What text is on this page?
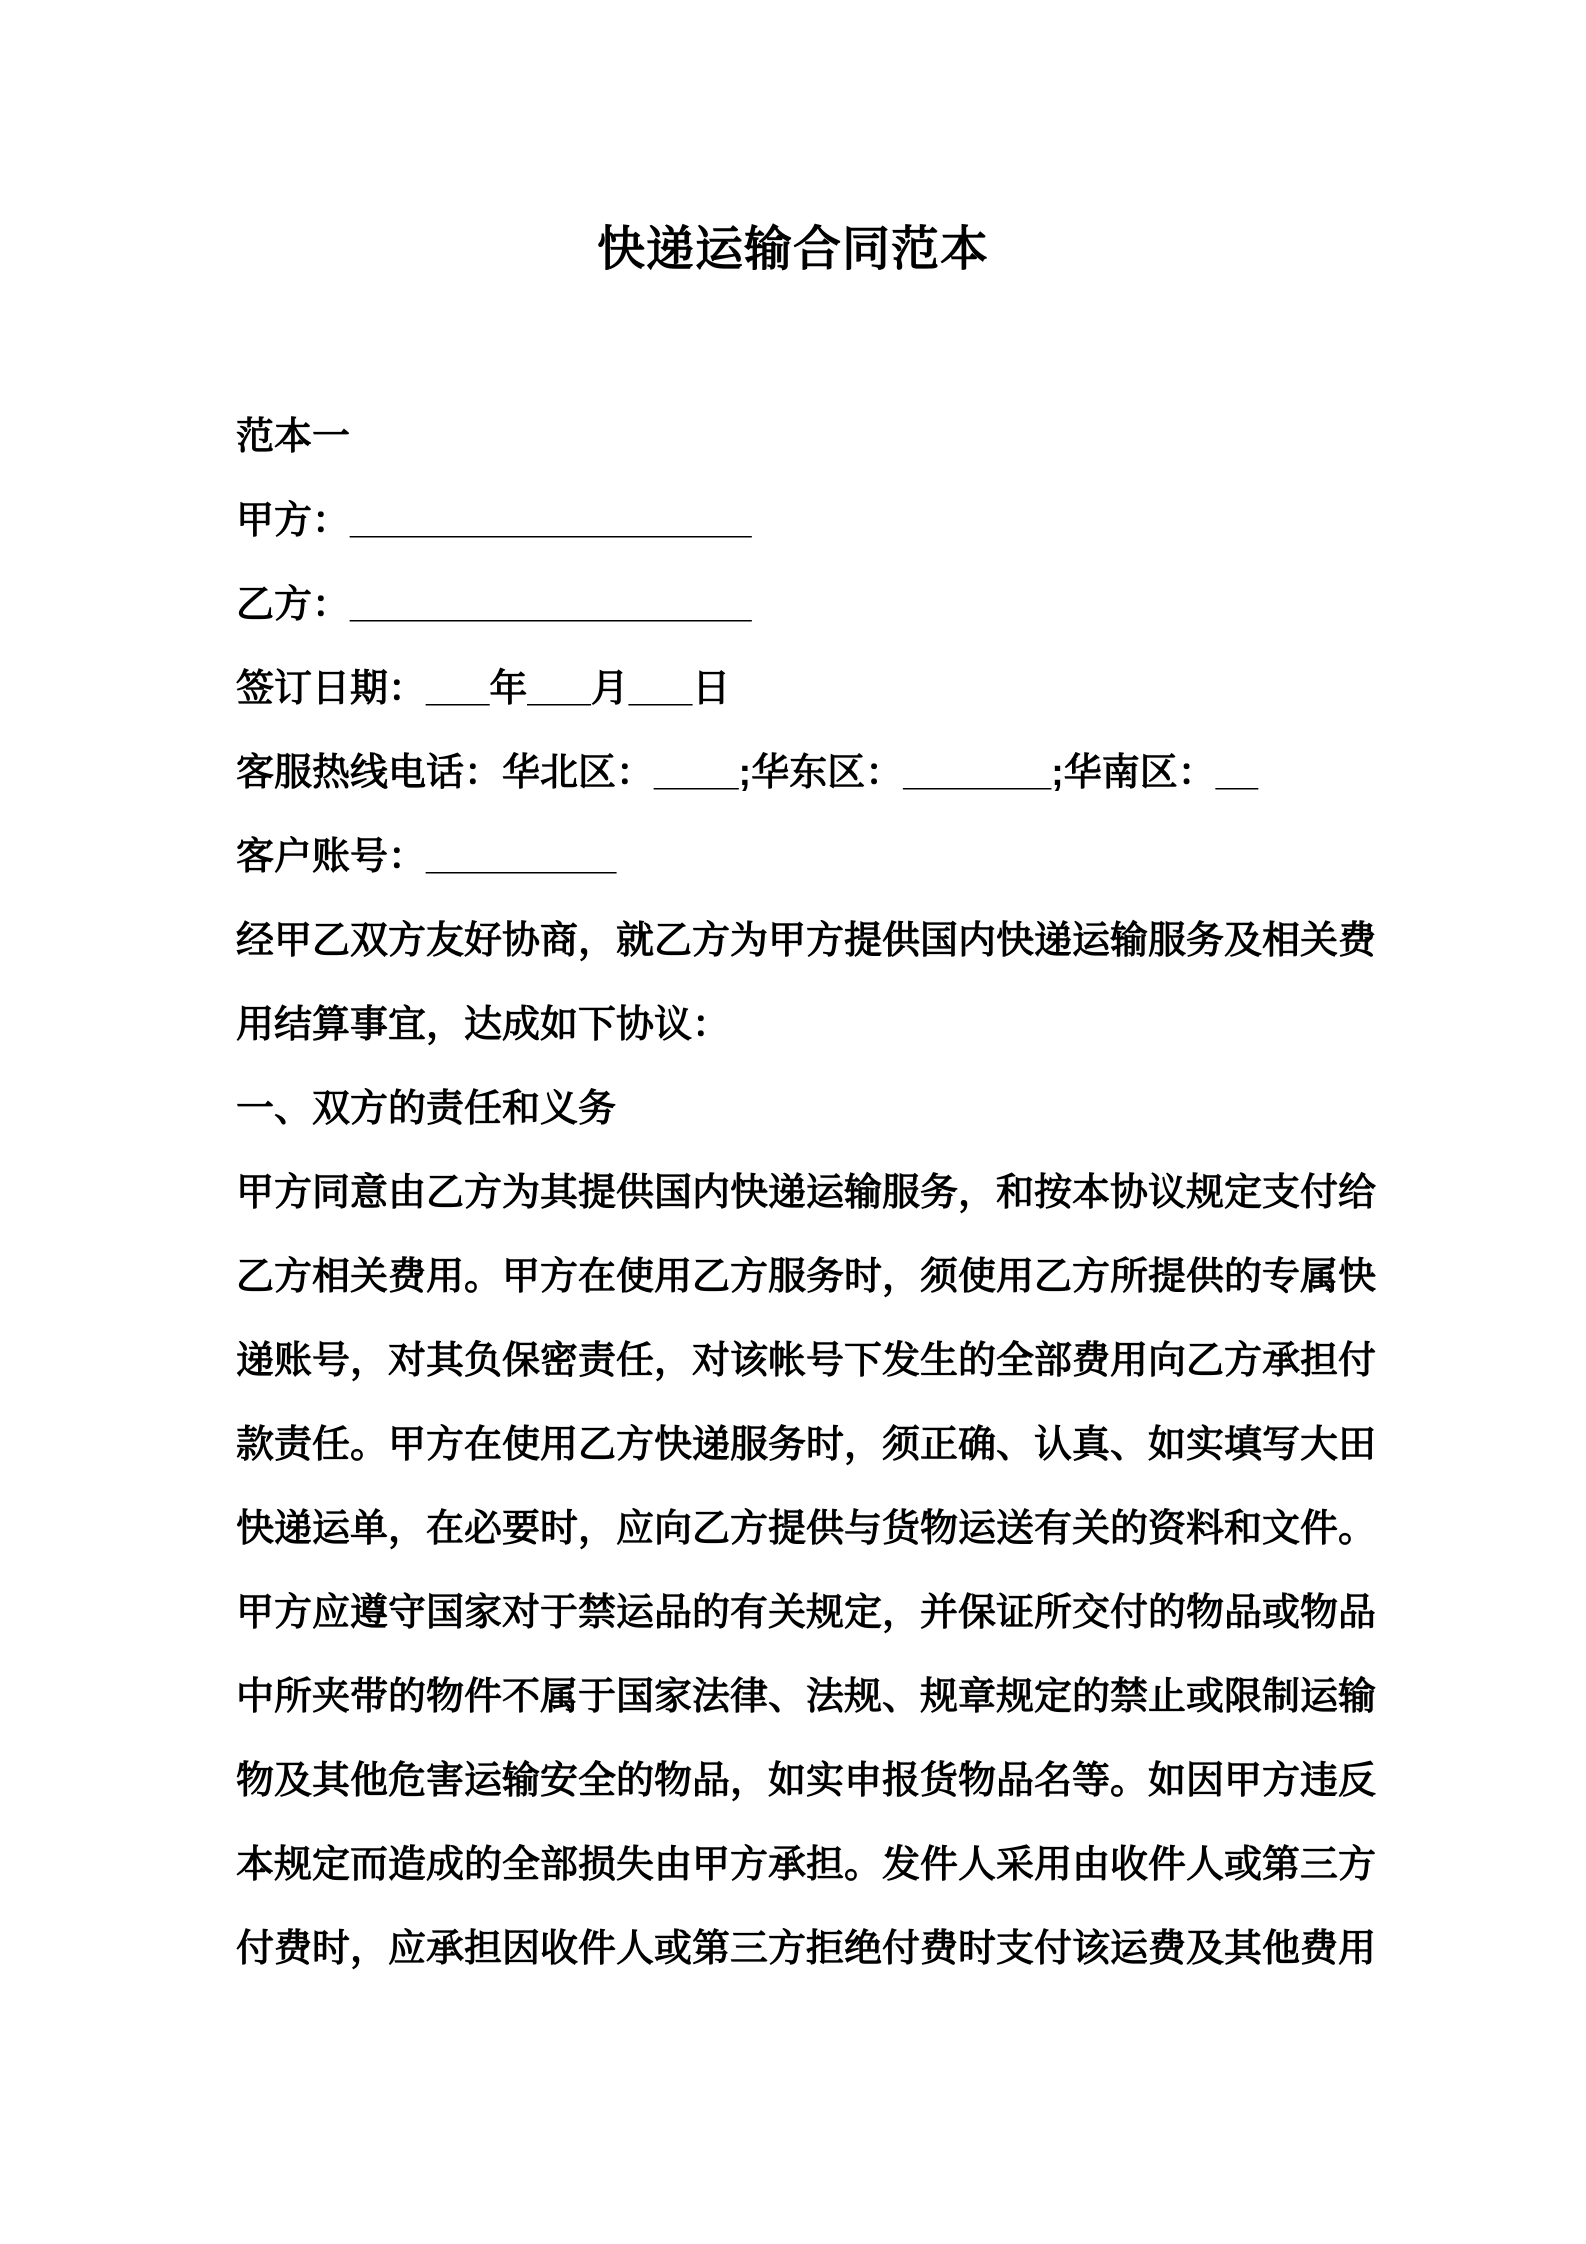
快递运输合同范本
范本一
甲方：___________________
乙方：___________________
签订日期：___年___月___日
客服热线电话：华北区：____;华东区：_______;华南区：__
客户账号：_________
经甲乙双方友好协商，就乙方为甲方提供国内快递运输服务及相关费
用结算事宜，达成如下协议：
一、双方的责任和义务
甲方同意由乙方为其提供国内快递运输服务，和按本协议规定支付给
乙方相关费用。甲方在使用乙方服务时，须使用乙方所提供的专属快
递账号，对其负保密责任，对该帐号下发生的全部费用向乙方承担付
款责任。甲方在使用乙方快递服务时，须正确、认真、如实填写大田
快递运单，在必要时，应向乙方提供与货物运送有关的资料和文件。
甲方应遵守国家对于禁运品的有关规定，并保证所交付的物品或物品
中所夹带的物件不属于国家法律、法规、规章规定的禁止或限制运输
物及其他危害运输安全的物品，如实申报货物品名等。如因甲方违反
本规定而造成的全部损失由甲方承担。发件人采用由收件人或第三方
付费时，应承担因收件人或第三方拒绝付费时支付该运费及其他费用
